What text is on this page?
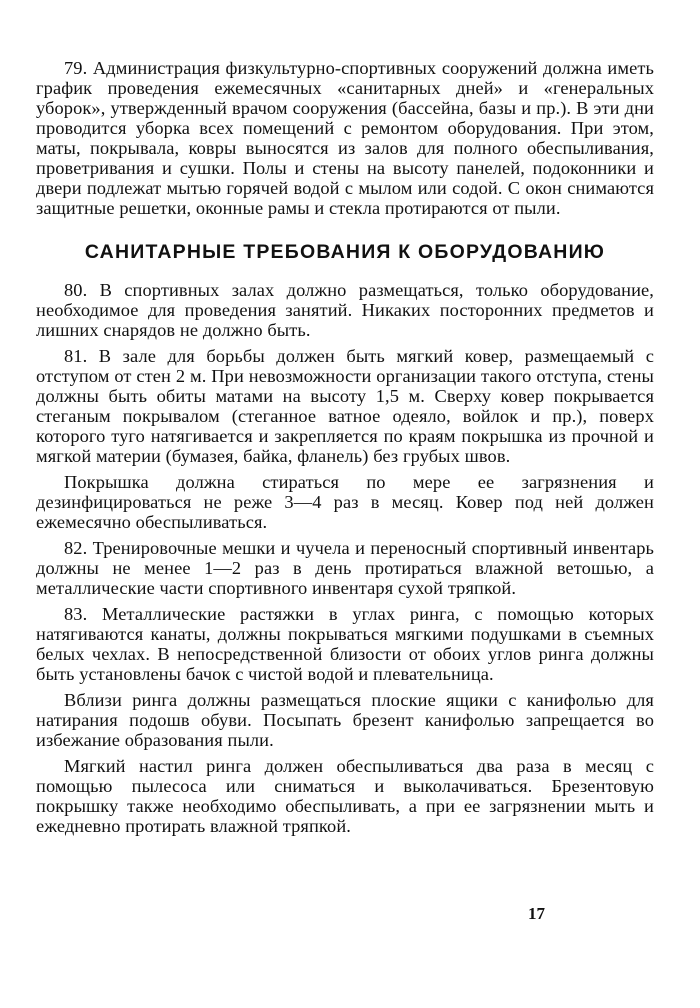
79. Администрация физкультурно-спортивных сооружений должна иметь график проведения ежемесячных «санитарных дней» и «генеральных уборок», утвержденный врачом сооружения (бассейна, базы и пр.). В эти дни проводится уборка всех помещений с ремонтом оборудования. При этом, маты, покрывала, ковры выносятся из залов для полного обеспыливания, проветривания и сушки. Полы и стены на высоту панелей, подоконники и двери подлежат мытью горячей водой с мылом или содой. С окон снимаются защитные решетки, оконные рамы и стекла протираются от пыли.

САНИТАРНЫЕ ТРЕБОВАНИЯ К ОБОРУДОВАНИЮ

80. В спортивных залах должно размещаться, только оборудование, необходимое для проведения занятий. Никаких посторонних предметов и лишних снарядов не должно быть.

81. В зале для борьбы должен быть мягкий ковер, размещаемый с отступом от стен 2 м. При невозможности организации такого отступа, стены должны быть обиты матами на высоту 1,5 м. Сверху ковер покрывается стеганым покрывалом (стеганное ватное одеяло, войлок и пр.), поверх которого туго натягивается и закрепляется по краям покрышка из прочной и мягкой материи (бумазея, байка, фланель) без грубых швов.

Покрышка должна стираться по мере ее загрязнения и дезинфицироваться не реже 3—4 раз в месяц. Ковер под ней должен ежемесячно обеспыливаться.

82. Тренировочные мешки и чучела и переносный спортивный инвентарь должны не менее 1—2 раз в день протираться влажной ветошью, а металлические части спортивного инвентаря сухой тряпкой.

83. Металлические растяжки в углах ринга, с помощью которых натягиваются канаты, должны покрываться мягкими подушками в съемных белых чехлах. В непосредственной близости от обоих углов ринга должны быть установлены бачок с чистой водой и плевательница.

Вблизи ринга должны размещаться плоские ящики с канифолью для натирания подошв обуви. Посыпать брезент канифолью запрещается во избежание образования пыли.

Мягкий настил ринга должен обеспыливаться два раза в месяц с помощью пылесоса или сниматься и выколачиваться. Брезентовую покрышку также необходимо обеспыливать, а при ее загрязнении мыть и ежедневно протирать влажной тряпкой.

17
